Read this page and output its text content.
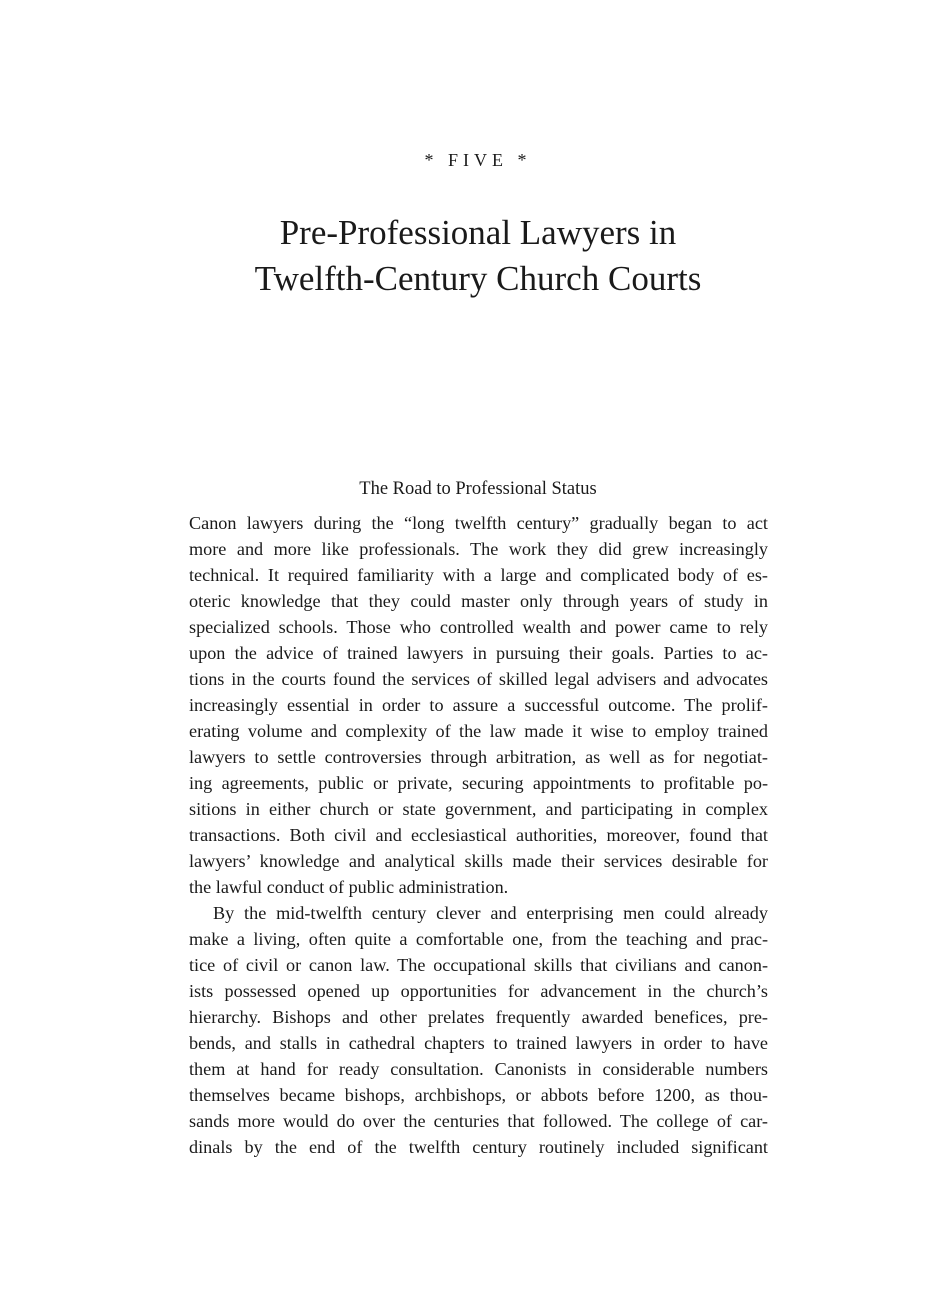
* FIVE *
Pre-Professional Lawyers in
Twelfth-Century Church Courts
The Road to Professional Status
Canon lawyers during the “long twelfth century” gradually began to act
more and more like professionals. The work they did grew increasingly
technical. It required familiarity with a large and complicated body of es-
oteric knowledge that they could master only through years of study in
specialized schools. Those who controlled wealth and power came to rely
upon the advice of trained lawyers in pursuing their goals. Parties to ac-
tions in the courts found the services of skilled legal advisers and advocates
increasingly essential in order to assure a successful outcome. The prolif-
erating volume and complexity of the law made it wise to employ trained
lawyers to settle controversies through arbitration, as well as for negotiat-
ing agreements, public or private, securing appointments to profitable po-
sitions in either church or state government, and participating in complex
transactions. Both civil and ecclesiastical authorities, moreover, found that
lawyers’ knowledge and analytical skills made their services desirable for
the lawful conduct of public administration.
By the mid-twelfth century clever and enterprising men could already
make a living, often quite a comfortable one, from the teaching and prac-
tice of civil or canon law. The occupational skills that civilians and canon-
ists possessed opened up opportunities for advancement in the church’s
hierarchy. Bishops and other prelates frequently awarded benefices, pre-
bends, and stalls in cathedral chapters to trained lawyers in order to have
them at hand for ready consultation. Canonists in considerable numbers
themselves became bishops, archbishops, or abbots before 1200, as thou-
sands more would do over the centuries that followed. The college of car-
dinals by the end of the twelfth century routinely included significant
